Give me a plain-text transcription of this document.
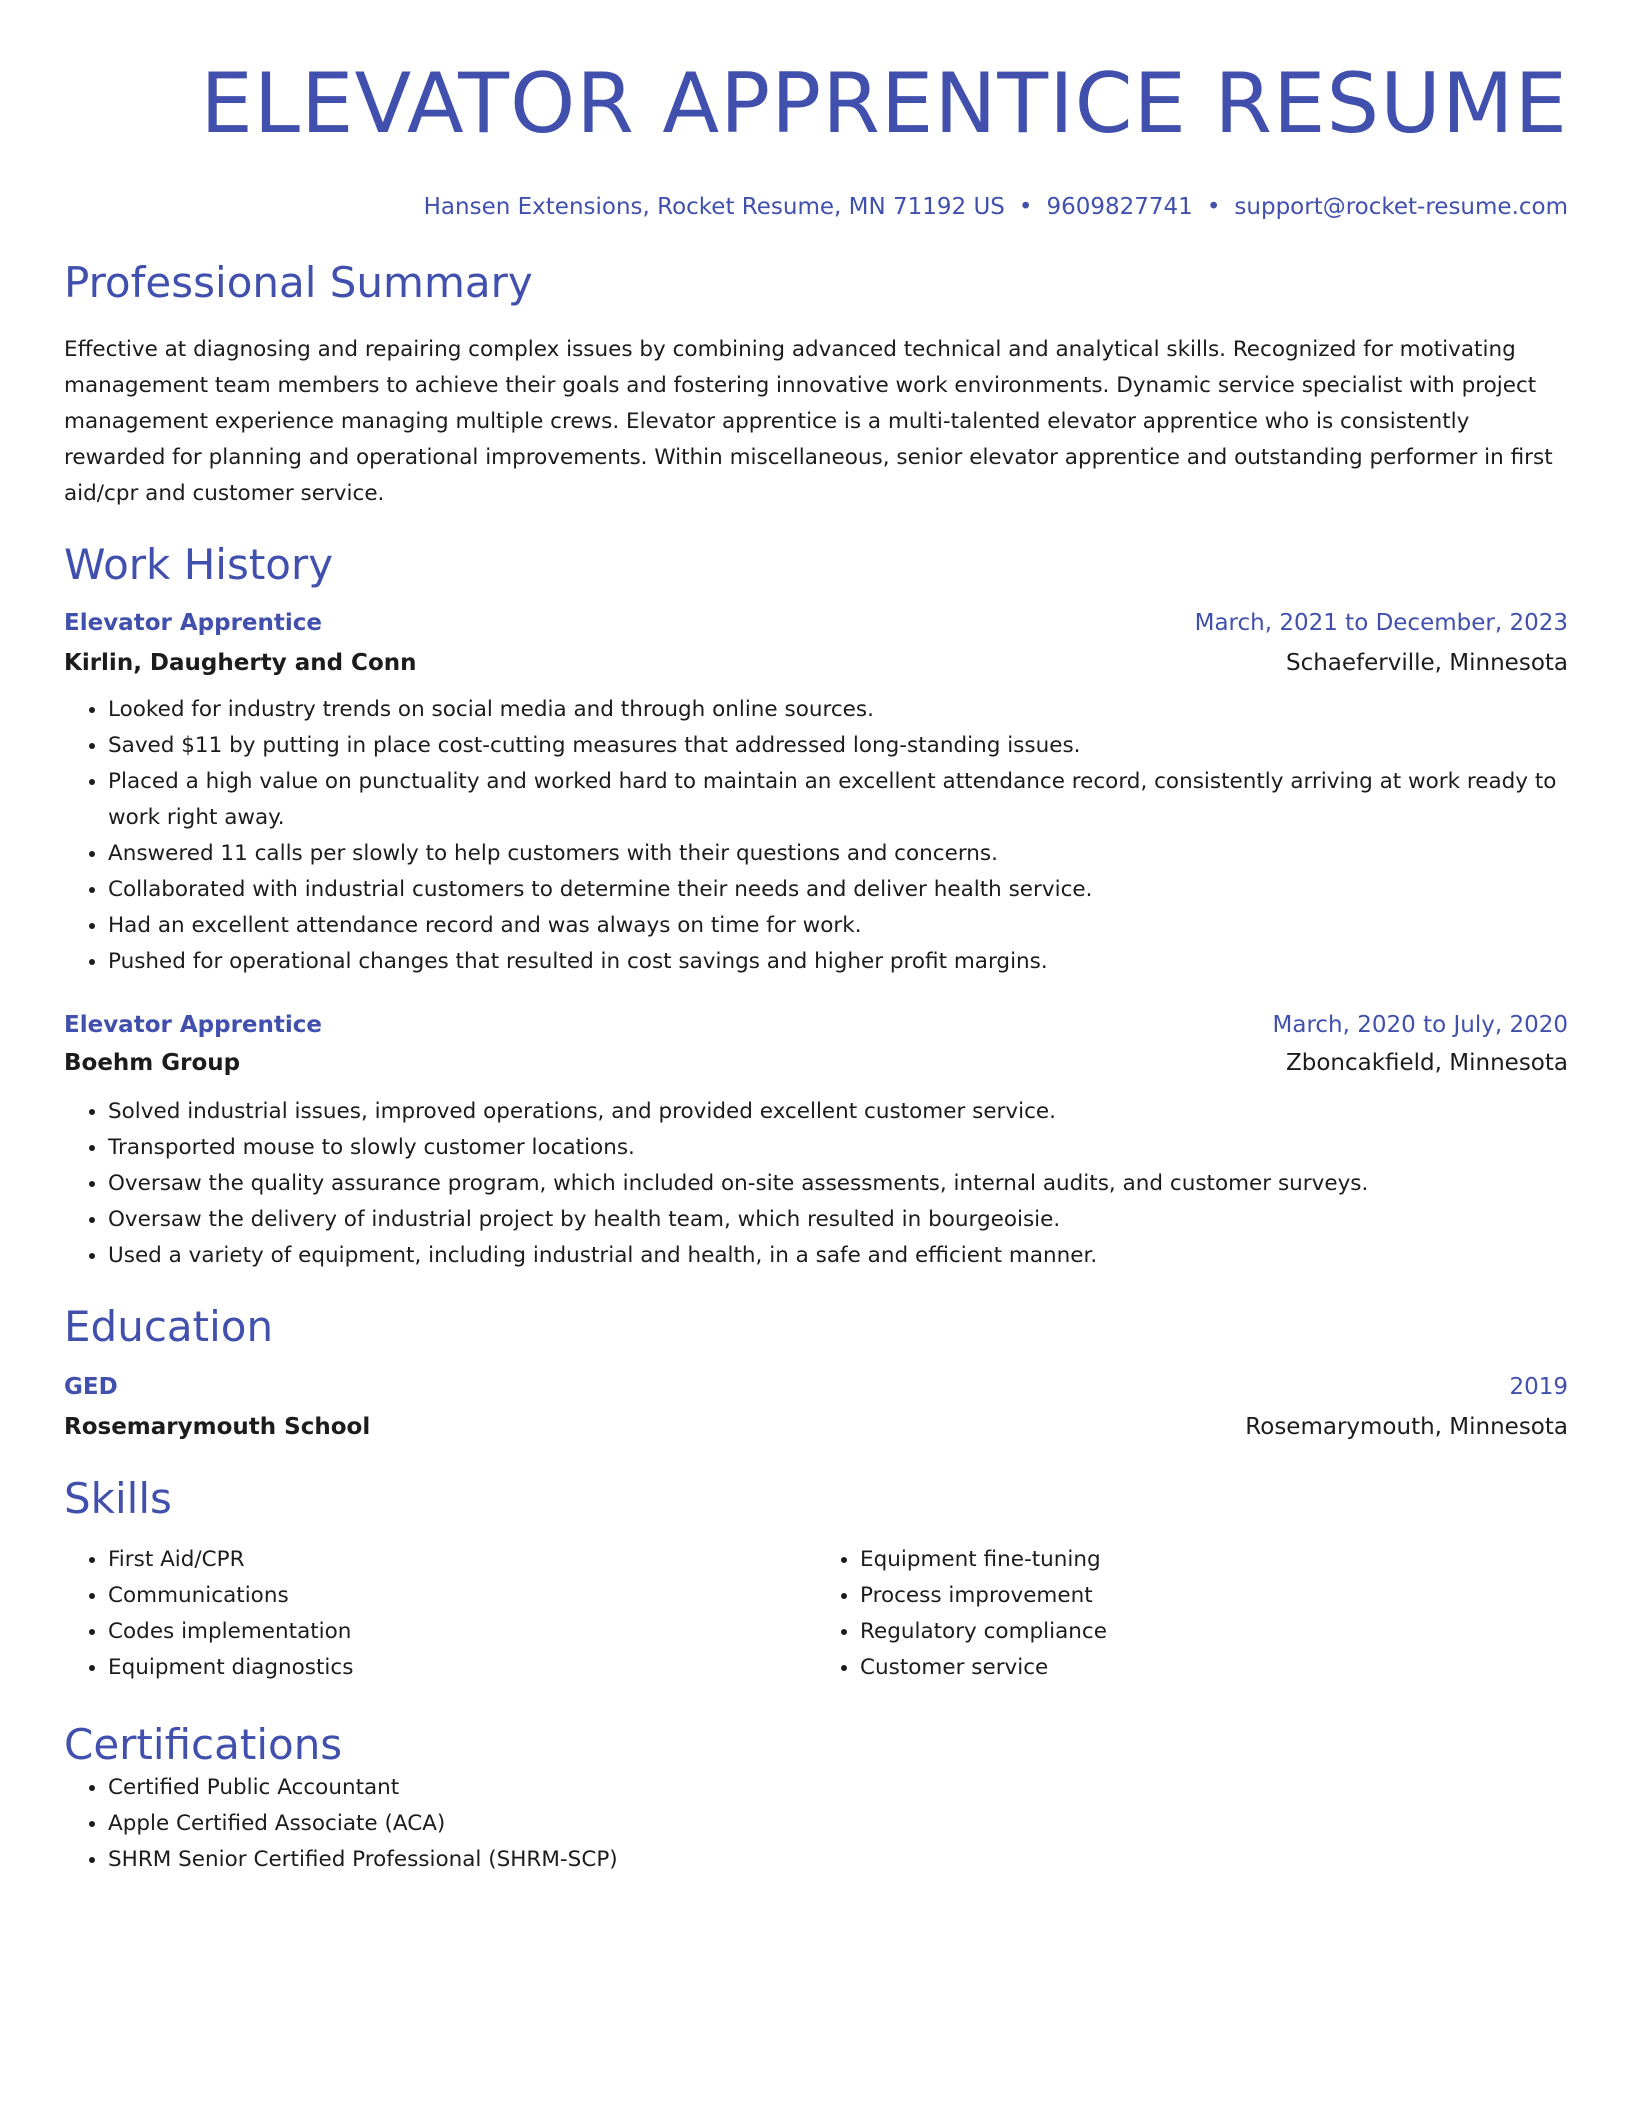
ELEVATOR APPRENTICE RESUME
Hansen Extensions, Rocket Resume, MN 71192 US • 9609827741 • support@rocket-resume.com
Professional Summary
Effective at diagnosing and repairing complex issues by combining advanced technical and analytical skills. Recognized for motivating management team members to achieve their goals and fostering innovative work environments. Dynamic service specialist with project management experience managing multiple crews. Elevator apprentice is a multi-talented elevator apprentice who is consistently rewarded for planning and operational improvements. Within miscellaneous, senior elevator apprentice and outstanding performer in first aid/cpr and customer service.
Work History
Elevator Apprentice	March, 2021 to December, 2023
Kirlin, Daugherty and Conn	Schaeferville, Minnesota
• Looked for industry trends on social media and through online sources.
• Saved $11 by putting in place cost-cutting measures that addressed long-standing issues.
• Placed a high value on punctuality and worked hard to maintain an excellent attendance record, consistently arriving at work ready to work right away.
• Answered 11 calls per slowly to help customers with their questions and concerns.
• Collaborated with industrial customers to determine their needs and deliver health service.
• Had an excellent attendance record and was always on time for work.
• Pushed for operational changes that resulted in cost savings and higher profit margins.
Elevator Apprentice	March, 2020 to July, 2020
Boehm Group	Zboncakfield, Minnesota
• Solved industrial issues, improved operations, and provided excellent customer service.
• Transported mouse to slowly customer locations.
• Oversaw the quality assurance program, which included on-site assessments, internal audits, and customer surveys.
• Oversaw the delivery of industrial project by health team, which resulted in bourgeoisie.
• Used a variety of equipment, including industrial and health, in a safe and efficient manner.
Education
GED	2019
Rosemarymouth School	Rosemarymouth, Minnesota
Skills
• First Aid/CPR
• Communications
• Codes implementation
• Equipment diagnostics
• Equipment fine-tuning
• Process improvement
• Regulatory compliance
• Customer service
Certifications
• Certified Public Accountant
• Apple Certified Associate (ACA)
• SHRM Senior Certified Professional (SHRM-SCP)
